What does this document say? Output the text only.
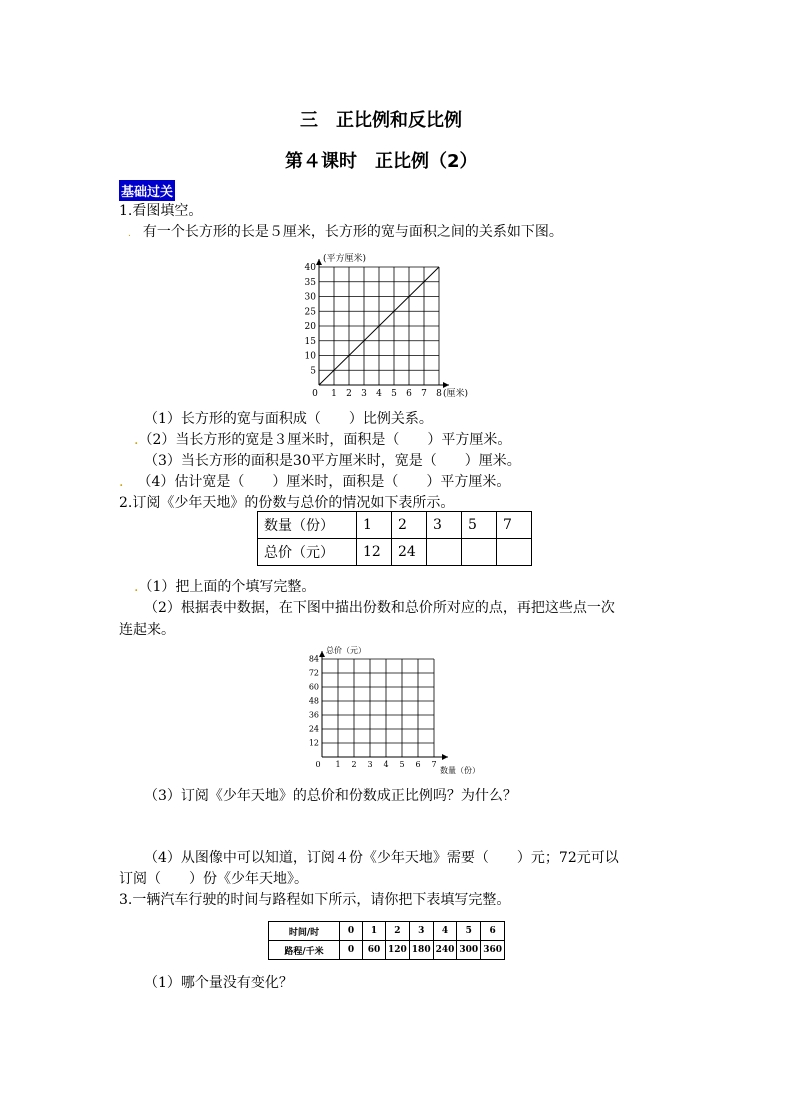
三　正比例和反比例
第４课时　正比例（2）
基础过关
1.看图填空。
. 有一个长方形的长是５厘米，长方形的宽与面积之间的关系如下图。
0 1 2 3 4 5 6 7 8
5
10
15
20
25
30
35
40
(平方厘米)
(厘米)
（1）长方形的宽与面积成（　　）比例关系。
.（2）当长方形的宽是３厘米时，面积是（　　）平方厘米。
（3）当长方形的面积是30平方厘米时，宽是（　　）厘米。
. （4）估计宽是（　　）厘米时，面积是（　　）平方厘米。
2.订阅《少年天地》的份数与总价的情况如下表所示。
数量（份）	1	2	3	5	7
总价（元）	12	24			
.（1）把上面的个填写完整。
（2）根据表中数据，在下图中描出份数和总价所对应的点，再把这些点一次
连起来。
0 1 2 3 4 5 6 7
12
24
36
48
60
72
84
总价（元）
数量（份）
（3）订阅《少年天地》的总价和份数成正比例吗？为什么？
（4）从图像中可以知道，订阅４份《少年天地》需要（　　）元；72元可以
订阅（　　）份《少年天地》。
3.一辆汽车行驶的时间与路程如下所示，请你把下表填写完整。
时间/时	0	1	2	3	4	5	6
路程/千米	0	60	120	180	240	300	360
（1）哪个量没有变化？
